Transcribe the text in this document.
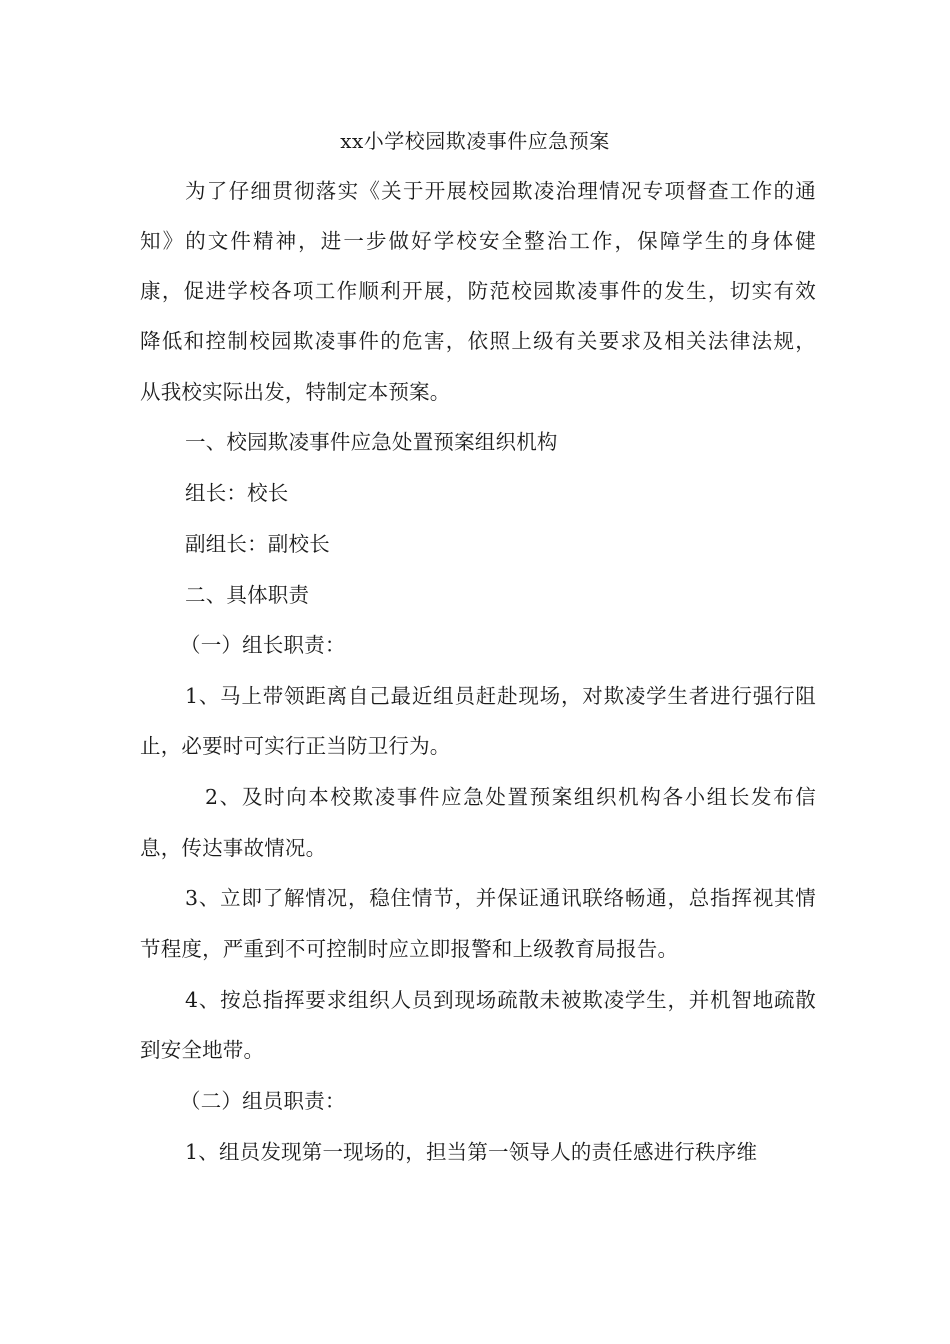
xx小学校园欺凌事件应急预案
为了仔细贯彻落实《关于开展校园欺凌治理情况专项督查工作的通
知》的文件精神，进一步做好学校安全整治工作，保障学生的身体健
康，促进学校各项工作顺利开展，防范校园欺凌事件的发生，切实有效
降低和控制校园欺凌事件的危害，依照上级有关要求及相关法律法规，
从我校实际出发，特制定本预案。
一、校园欺凌事件应急处置预案组织机构
组长：校长
副组长：副校长
二、具体职责
（一）组长职责：
1、马上带领距离自己最近组员赶赴现场，对欺凌学生者进行强行阻
止，必要时可实行正当防卫行为。
2、及时向本校欺凌事件应急处置预案组织机构各小组长发布信
息，传达事故情况。
3、立即了解情况，稳住情节，并保证通讯联络畅通，总指挥视其情
节程度，严重到不可控制时应立即报警和上级教育局报告。
4、按总指挥要求组织人员到现场疏散未被欺凌学生，并机智地疏散
到安全地带。
（二）组员职责：
1、组员发现第一现场的，担当第一领导人的责任感进行秩序维
